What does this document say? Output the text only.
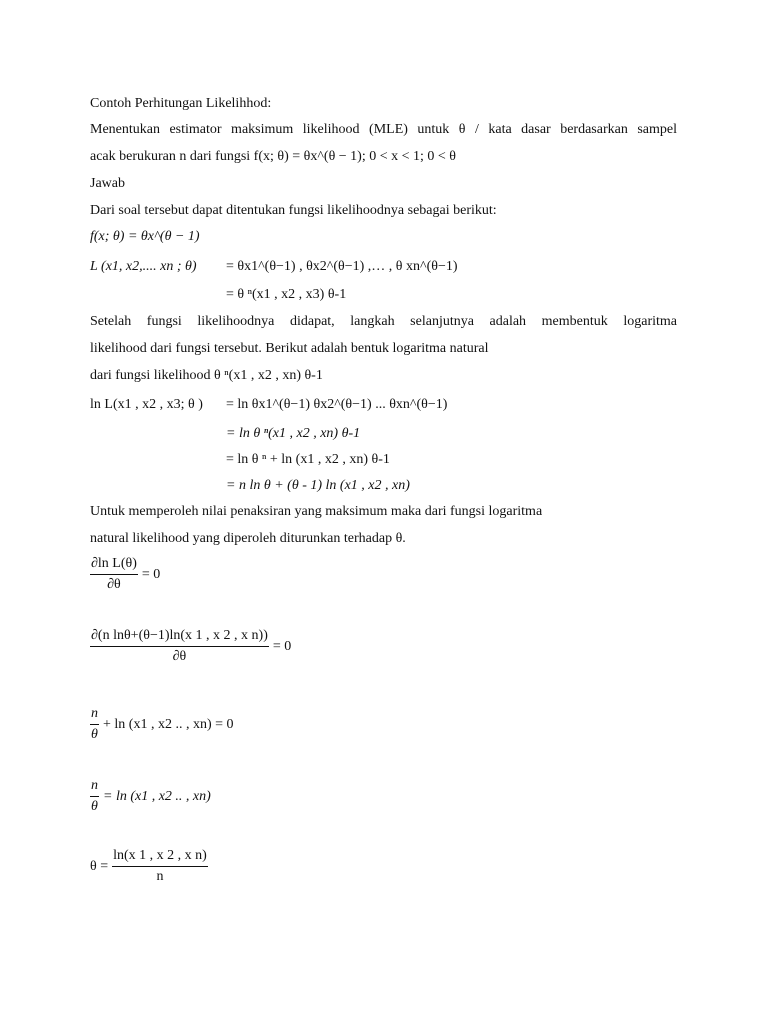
Contoh Perhitungan Likelihhod:
Menentukan estimator maksimum likelihood (MLE) untuk θ / kata dasar berdasarkan sampel
acak berukuran n dari fungsi f(x; θ) = θx^(θ − 1); 0 < x < 1; 0 < θ
Jawab
Dari soal tersebut dapat ditentukan fungsi likelihoodnya sebagai berikut:
f(x; θ) = θx^(θ − 1)
L (x1, x2,.... xn ; θ) = θx1^(θ−1) , θx2^(θ−1) ,… , θ xn^(θ−1)
= θ ⁿ(x1 , x2 , x3) θ-1
Setelah fungsi likelihoodnya didapat, langkah selanjutnya adalah membentuk logaritma
likelihood dari fungsi tersebut. Berikut adalah bentuk logaritma natural
dari fungsi likelihood θ ⁿ(x1 , x2 , xn) θ-1
ln L(x1 , x2 , x3; θ ) = ln θx1^(θ−1) θx2^(θ−1) ... θxn^(θ−1)
= ln θ ⁿ(x1 , x2 , xn) θ-1
= ln θ ⁿ + ln (x1 , x2 , xn) θ-1
= n ln θ + (θ - 1) ln (x1 , x2 , xn)
Untuk memperoleh nilai penaksiran yang maksimum maka dari fungsi logaritma
natural likelihood yang diperoleh diturunkan terhadap θ.
$\frac{\text{∂ln L(θ)}}{\partial\theta} = 0$
$\frac{\text{∂(n lnθ+(θ−1)ln(x 1 , x 2 , x n))}}{\partial\theta} = 0$
$\frac{n}{\theta} + \ln (x1$ , x2 .. , xn) = 0
$\frac{n}{\theta} = \ln (x1$ , x2 .. , xn)
$\theta = \frac{\text{ln(x 1 , x 2 , x n)}}{n}$
